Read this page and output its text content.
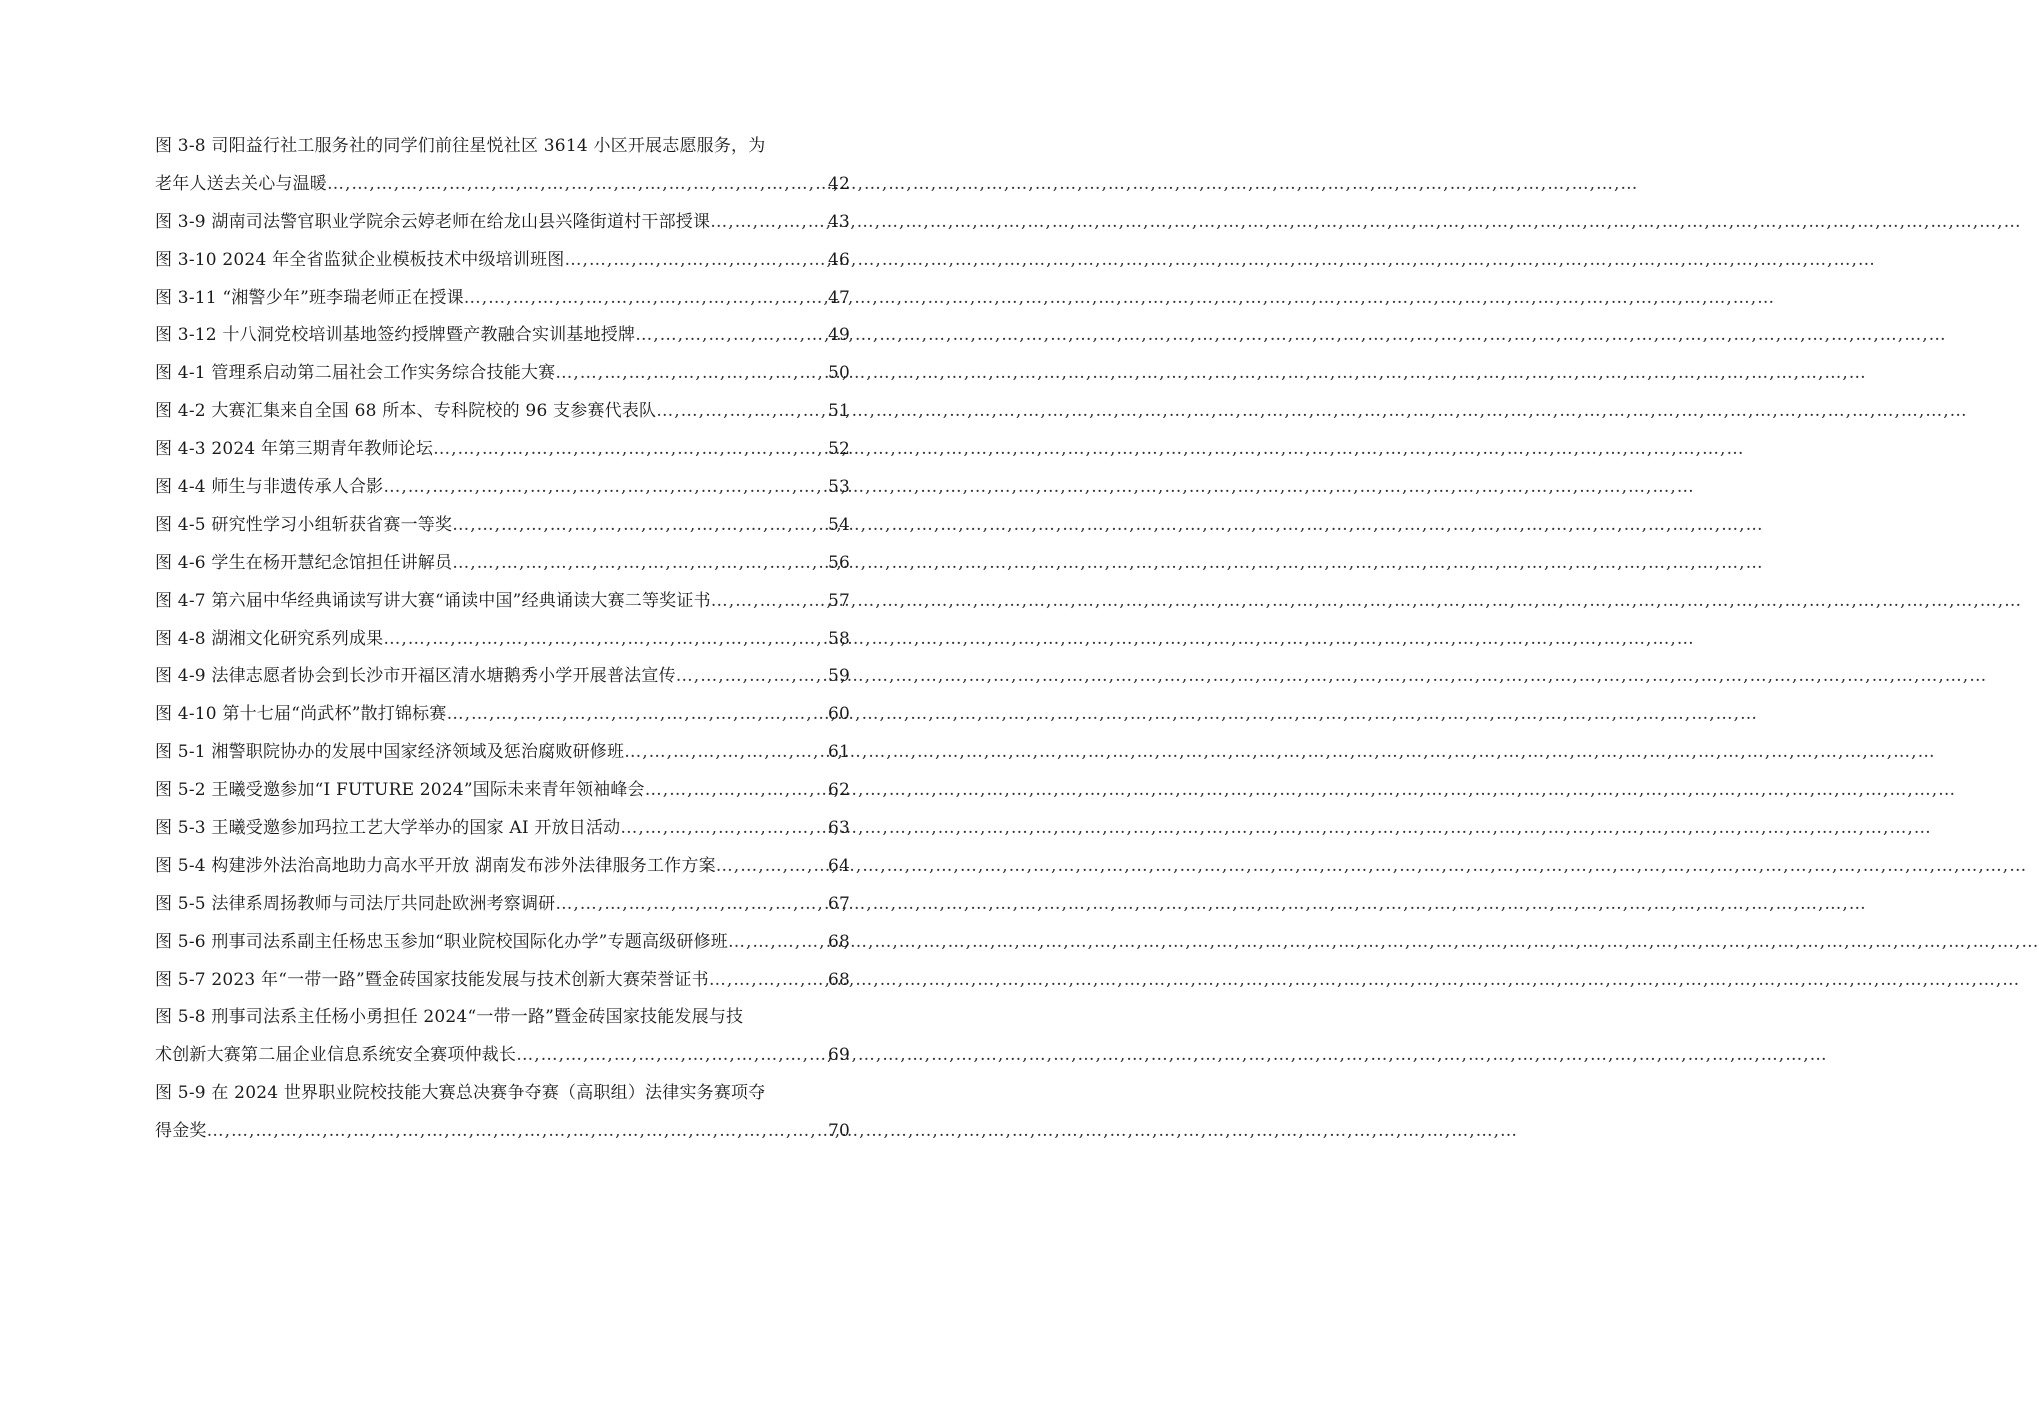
图 3-8 司阳益行社工服务社的同学们前往星悦社区 3614 小区开展志愿服务，为
老年人送去关心与温暖 …,…,…,…,…,…,…,…,…,…,…,…,…,…,…,…,…,…,…,…,…,…,…,…,…,…,…,…,…,…,…,…,…,…,…,…,…,…,…,…,…,…,…,…,…,…,…,…,…,…,…,…,…,…	42
图 3-9 湖南司法警官职业学院余云婷老师在给龙山县兴隆街道村干部授课 …,…,…,…,…,…,…,…,…,…,…,…,…,…,…,…,…,…,…,…,…,…,…,…,…,…,…,…,…,…,…,…,…,…,…,…,…,…,…,…,…,…,…,…,…,…,…,…,…,…,…,…,…,…	43
图 3-10 2024 年全省监狱企业模板技术中级培训班图 …,…,…,…,…,…,…,…,…,…,…,…,…,…,…,…,…,…,…,…,…,…,…,…,…,…,…,…,…,…,…,…,…,…,…,…,…,…,…,…,…,…,…,…,…,…,…,…,…,…,…,…,…,…	46
图 3-11 “湘警少年”班李瑞老师正在授课 …,…,…,…,…,…,…,…,…,…,…,…,…,…,…,…,…,…,…,…,…,…,…,…,…,…,…,…,…,…,…,…,…,…,…,…,…,…,…,…,…,…,…,…,…,…,…,…,…,…,…,…,…,…	47
图 3-12 十八洞党校培训基地签约授牌暨产教融合实训基地授牌 …,…,…,…,…,…,…,…,…,…,…,…,…,…,…,…,…,…,…,…,…,…,…,…,…,…,…,…,…,…,…,…,…,…,…,…,…,…,…,…,…,…,…,…,…,…,…,…,…,…,…,…,…,…	49
图 4-1 管理系启动第二届社会工作实务综合技能大赛 …,…,…,…,…,…,…,…,…,…,…,…,…,…,…,…,…,…,…,…,…,…,…,…,…,…,…,…,…,…,…,…,…,…,…,…,…,…,…,…,…,…,…,…,…,…,…,…,…,…,…,…,…,…	50
图 4-2 大赛汇集来自全国 68 所本、专科院校的 96 支参赛代表队 …,…,…,…,…,…,…,…,…,…,…,…,…,…,…,…,…,…,…,…,…,…,…,…,…,…,…,…,…,…,…,…,…,…,…,…,…,…,…,…,…,…,…,…,…,…,…,…,…,…,…,…,…,…	51
图 4-3 2024 年第三期青年教师论坛 …,…,…,…,…,…,…,…,…,…,…,…,…,…,…,…,…,…,…,…,…,…,…,…,…,…,…,…,…,…,…,…,…,…,…,…,…,…,…,…,…,…,…,…,…,…,…,…,…,…,…,…,…,…	52
图 4-4 师生与非遗传承人合影 …,…,…,…,…,…,…,…,…,…,…,…,…,…,…,…,…,…,…,…,…,…,…,…,…,…,…,…,…,…,…,…,…,…,…,…,…,…,…,…,…,…,…,…,…,…,…,…,…,…,…,…,…,…	53
图 4-5 研究性学习小组斩获省赛一等奖 …,…,…,…,…,…,…,…,…,…,…,…,…,…,…,…,…,…,…,…,…,…,…,…,…,…,…,…,…,…,…,…,…,…,…,…,…,…,…,…,…,…,…,…,…,…,…,…,…,…,…,…,…,…	54
图 4-6 学生在杨开慧纪念馆担任讲解员 …,…,…,…,…,…,…,…,…,…,…,…,…,…,…,…,…,…,…,…,…,…,…,…,…,…,…,…,…,…,…,…,…,…,…,…,…,…,…,…,…,…,…,…,…,…,…,…,…,…,…,…,…,…	56
图 4-7 第六届中华经典诵读写讲大赛“诵读中国”经典诵读大赛二等奖证书 …,…,…,…,…,…,…,…,…,…,…,…,…,…,…,…,…,…,…,…,…,…,…,…,…,…,…,…,…,…,…,…,…,…,…,…,…,…,…,…,…,…,…,…,…,…,…,…,…,…,…,…,…,…	57
图 4-8 湖湘文化研究系列成果 …,…,…,…,…,…,…,…,…,…,…,…,…,…,…,…,…,…,…,…,…,…,…,…,…,…,…,…,…,…,…,…,…,…,…,…,…,…,…,…,…,…,…,…,…,…,…,…,…,…,…,…,…,…	58
图 4-9 法律志愿者协会到长沙市开福区清水塘鹅秀小学开展普法宣传 …,…,…,…,…,…,…,…,…,…,…,…,…,…,…,…,…,…,…,…,…,…,…,…,…,…,…,…,…,…,…,…,…,…,…,…,…,…,…,…,…,…,…,…,…,…,…,…,…,…,…,…,…,…	59
图 4-10 第十七届“尚武杯”散打锦标赛 …,…,…,…,…,…,…,…,…,…,…,…,…,…,…,…,…,…,…,…,…,…,…,…,…,…,…,…,…,…,…,…,…,…,…,…,…,…,…,…,…,…,…,…,…,…,…,…,…,…,…,…,…,…	60
图 5-1 湘警职院协办的发展中国家经济领域及惩治腐败研修班 …,…,…,…,…,…,…,…,…,…,…,…,…,…,…,…,…,…,…,…,…,…,…,…,…,…,…,…,…,…,…,…,…,…,…,…,…,…,…,…,…,…,…,…,…,…,…,…,…,…,…,…,…,…	61
图 5-2 王曦受邀参加“I FUTURE 2024”国际未来青年领袖峰会 …,…,…,…,…,…,…,…,…,…,…,…,…,…,…,…,…,…,…,…,…,…,…,…,…,…,…,…,…,…,…,…,…,…,…,…,…,…,…,…,…,…,…,…,…,…,…,…,…,…,…,…,…,…	62
图 5-3 王曦受邀参加玛拉工艺大学举办的国家 AI 开放日活动 …,…,…,…,…,…,…,…,…,…,…,…,…,…,…,…,…,…,…,…,…,…,…,…,…,…,…,…,…,…,…,…,…,…,…,…,…,…,…,…,…,…,…,…,…,…,…,…,…,…,…,…,…,…	63
图 5-4 构建涉外法治高地助力高水平开放 湖南发布涉外法律服务工作方案 …,…,…,…,…,…,…,…,…,…,…,…,…,…,…,…,…,…,…,…,…,…,…,…,…,…,…,…,…,…,…,…,…,…,…,…,…,…,…,…,…,…,…,…,…,…,…,…,…,…,…,…,…,…	64
图 5-5 法律系周扬教师与司法厅共同赴欧洲考察调研 …,…,…,…,…,…,…,…,…,…,…,…,…,…,…,…,…,…,…,…,…,…,…,…,…,…,…,…,…,…,…,…,…,…,…,…,…,…,…,…,…,…,…,…,…,…,…,…,…,…,…,…,…,…	67
图 5-6 刑事司法系副主任杨忠玉参加“职业院校国际化办学”专题高级研修班 …,…,…,…,…,…,…,…,…,…,…,…,…,…,…,…,…,…,…,…,…,…,…,…,…,…,…,…,…,…,…,…,…,…,…,…,…,…,…,…,…,…,…,…,…,…,…,…,…,…,…,…,…,…	68
图 5-7 2023 年“一带一路”暨金砖国家技能发展与技术创新大赛荣誉证书 …,…,…,…,…,…,…,…,…,…,…,…,…,…,…,…,…,…,…,…,…,…,…,…,…,…,…,…,…,…,…,…,…,…,…,…,…,…,…,…,…,…,…,…,…,…,…,…,…,…,…,…,…,…	68
图 5-8 刑事司法系主任杨小勇担任 2024“一带一路”暨金砖国家技能发展与技
术创新大赛第二届企业信息系统安全赛项仲裁长 …,…,…,…,…,…,…,…,…,…,…,…,…,…,…,…,…,…,…,…,…,…,…,…,…,…,…,…,…,…,…,…,…,…,…,…,…,…,…,…,…,…,…,…,…,…,…,…,…,…,…,…,…,…	69
图 5-9 在 2024 世界职业院校技能大赛总决赛争夺赛（高职组）法律实务赛项夺
得金奖 …,…,…,…,…,…,…,…,…,…,…,…,…,…,…,…,…,…,…,…,…,…,…,…,…,…,…,…,…,…,…,…,…,…,…,…,…,…,…,…,…,…,…,…,…,…,…,…,…,…,…,…,…,…	70
